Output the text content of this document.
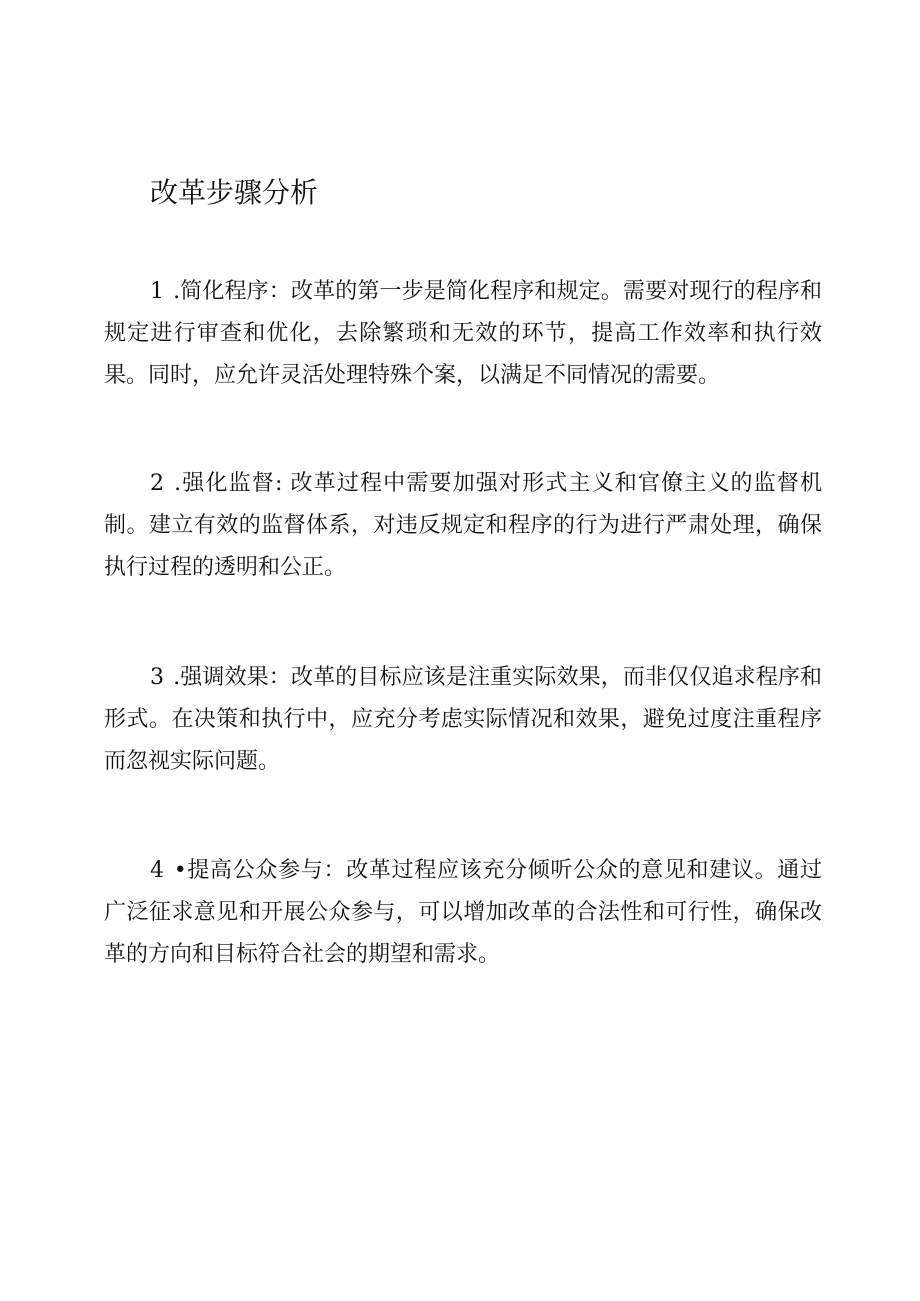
改革步骤分析

1 .简化程序：改革的第一步是简化程序和规定。需要对现行的程序和规定进行审查和优化，去除繁琐和无效的环节，提高工作效率和执行效果。同时，应允许灵活处理特殊个案，以满足不同情况的需要。

2 .强化监督: 改革过程中需要加强对形式主义和官僚主义的监督机制。建立有效的监督体系，对违反规定和程序的行为进行严肃处理，确保执行过程的透明和公正。

3 .强调效果：改革的目标应该是注重实际效果，而非仅仅追求程序和形式。在决策和执行中，应充分考虑实际情况和效果，避免过度注重程序而忽视实际问题。

4 •提高公众参与：改革过程应该充分倾听公众的意见和建议。通过广泛征求意见和开展公众参与，可以增加改革的合法性和可行性，确保改革的方向和目标符合社会的期望和需求。
